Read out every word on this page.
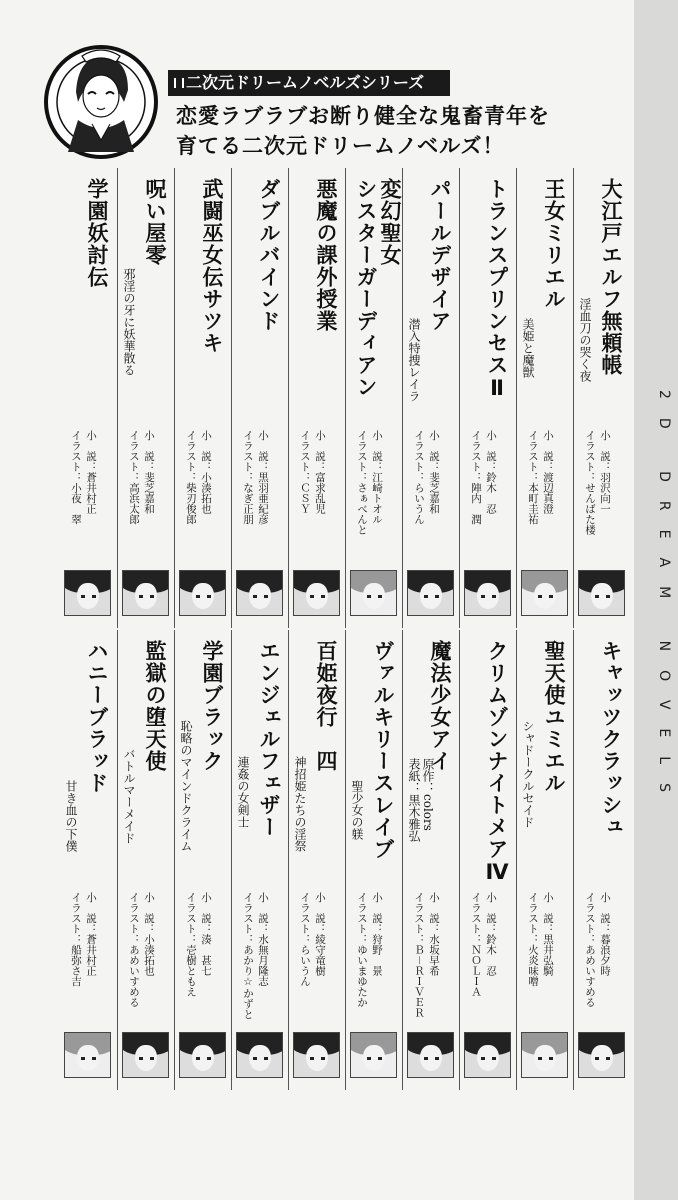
2D DREAM NOVELS
二次元ドリームノベルズシリーズ
恋愛ラブラブお断り健全な鬼畜青年を
育てる二次元ドリームノベルズ！
大江戸エルフ無頼帳
淫血刀の哭く夜
小　説：羽沢向一
イラスト：せんばた楼
王女ミリエル
美姫と魔獣
小　説：渡辺真澄
イラスト：本町圭祐
トランスプリンセスⅡ
小　説：鈴木　忍
イラスト：陣内　潤
パールデザイア
潜入特捜レイラ
小　説：斐芝嘉和
イラスト：らいうん
変幻聖女
シスターガーディアン
小　説：江崎トオル
イラスト：さぁべんと
悪魔の課外授業
小　説：富求乱児
イラスト：ＣＳＹ
ダブルバインド
小　説：黒羽亜紀彦
イラスト：なぎ正朋
武闘巫女伝サツキ
小　説：小湊拓也
イラスト：柴刃俊郎
呪い屋零
邪淫の牙に妖華散る
小　説：斐芝嘉和
イラスト：高浜太郎
学園妖討伝
小　説：蒼井村正
イラスト：小夜　翠
キャッツクラッシュ
小　説：暮浪夕時
イラスト：あめいすめる
聖天使ユミエル
シャドークルセイド
小　説：黒井弘騎
イラスト：火炎味噌
クリムゾンナイトメアⅣ
小　説：鈴木　忍
イラスト：ＮＯＬＩＡ
魔法少女アイ
原作：colors
表紙：黒木雅弘
小　説：水坂早希
イラスト：Ｂ－ＲＩＶＥＲ
ヴァルキリースレイブ
聖少女の躾
小　説：狩野　景
イラスト：ゆいまゆたか
百姫夜行　四
神招姫たちの淫祭
小　説：綾守竜樹
イラスト：らいうん
エンジェルフェザー
連姦の女剣士
小　説：水無月隆志
イラスト：あかり☆かずと
学園ブラック
恥略のマインドクライム
小　説：湊　甚七
イラスト：壱樹ともえ
監獄の堕天使
バトルマーメイド
小　説：小湊拓也
イラスト：あめいすめる
ハニーブラッド
甘き血の下僕
小　説：蒼井村正
イラスト：船弥さ吉
